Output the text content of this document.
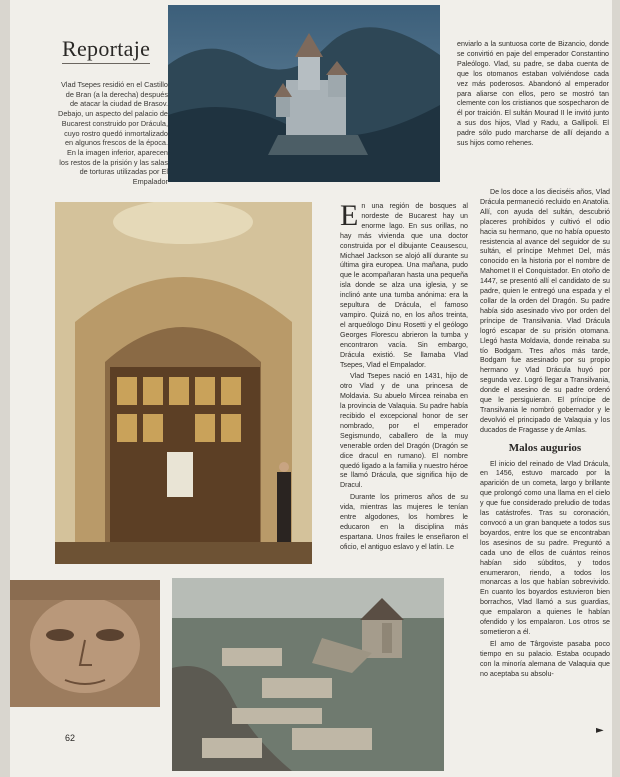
Reportaje
Vlad Tsepes residió en el Castillo de Bran (a la derecha) después de atacar la ciudad de Brasov. Debajo, un aspecto del palacio de Bucarest construido por Drácula, cuyo rostro quedó inmortalizado en algunos frescos de la época. En la imagen inferior, aparecen los restos de la prisión y las salas de torturas utilizadas por El Empalador

enviarlo a la suntuosa corte de Bizancio, donde se convirtió en paje del emperador Constantino Paleólogo. Vlad, su padre, se daba cuenta de que los otomanos estaban volviéndose cada vez más poderosos. Abandonó al emperador para aliarse con ellos, pero se mostró tan clemente con los cristianos que sospecharon de él por traición. El sultán Mourad II le invitó junto a sus dos hijos, Vlad y Radu, a Gallipoli. El padre sólo pudo marcharse de allí dejando a sus hijos como rehenes.

En una región de bosques al nordeste de Bucarest hay un enorme lago. En sus orillas, no hay más vivienda que una doctor construida por el dibujante Ceausescu, Michael Jackson se alojó allí durante su última gira europea. Una mañana, pudo que le acompañaran hasta una pequeña isla donde se alza una iglesia, y se inclinó ante una tumba anónima: era la sepultura de Drácula, el famoso vampiro. Quizá no, en los años treinta, el arqueólogo Dinu Rosetti y el geólogo Georges Florescu abrieron la tumba y encontraron vacía. Sin embargo, Drácula existió. Se llamaba Vlad Tsepes, Vlad el Empalador.

Vlad Tsepes nació en 1431, hijo de otro Vlad y de una princesa de Moldavia. Su abuelo Mircea reinaba en la provincia de Valaquia. Su padre había recibido el excepcional honor de ser nombrado, por el emperador Segismundo, caballero de la muy venerable orden del Dragón (Dragón se dice dracul en rumano). El nombre quedó ligado a la familia y nuestro héroe se llamó Drácula, que significa hijo de Dracul.

Durante los primeros años de su vida, mientras las mujeres le tenían entre algodones, los hombres le educaron en la disciplina más espartana. Unos frailes le enseñaron el oficio, el antiguo eslavo y el latín. Le

De los doce a los dieciséis años, Vlad Drácula permaneció recluido en Anatolia. Allí, con ayuda del sultán, descubrió placeres prohibidos y cultivó el odio hacia su hermano, que no había opuesto resistencia al avance del seguidor de su sultán, el príncipe Mehmet Del, más conocido en la historia por el nombre de Mahomet II el Conquistador. En otoño de 1447, se presentó allí el candidato de su padre, quien le entregó una espada y el collar de la orden del Dragón. Su padre había sido asesinado vivo por orden del príncipe de Transilvania. Vlad Drácula logró escapar de su prisión otomana. Llegó hasta Moldavia, donde reinaba su tío Bodgam. Tres años más tarde, Bodgam fue asesinado por su propio hermano y Vlad Drácula huyó por segunda vez. Logró llegar a Transilvania, donde el asesino de su padre ordenó que le persiguieran. El príncipe de Transilvania le nombró gobernador y le devolvió el principado de Valaquia y los ducados de Fragasse y de Amlas.

Malos augurios

El inicio del reinado de Vlad Drácula, en 1456, estuvo marcado por la aparición de un cometa, largo y brillante que prolongó como una llama en el cielo y que fue considerado preludio de todas las catástrofes. Tras su coronación, convocó a un gran banquete a todos sus boyardos, entre los que se encontraban los asesinos de su padre. Preguntó a cada uno de ellos de cuántos reinos habían sido súbditos, y todos enumeraron, riendo, a todos los monarcas a los que habían sobrevivido. En cuanto los boyardos estuvieron bien borrachos, Vlad llamó a sus guardias, que empalaron a quienes le habían ofendido y los empalaron. Los otros se sometieron a él.

El amo de Târgoviste pasaba poco tiempo en su palacio. Estaba ocupado con la minoría alemana de Valaquia que no aceptaba su absolu-

62
►
